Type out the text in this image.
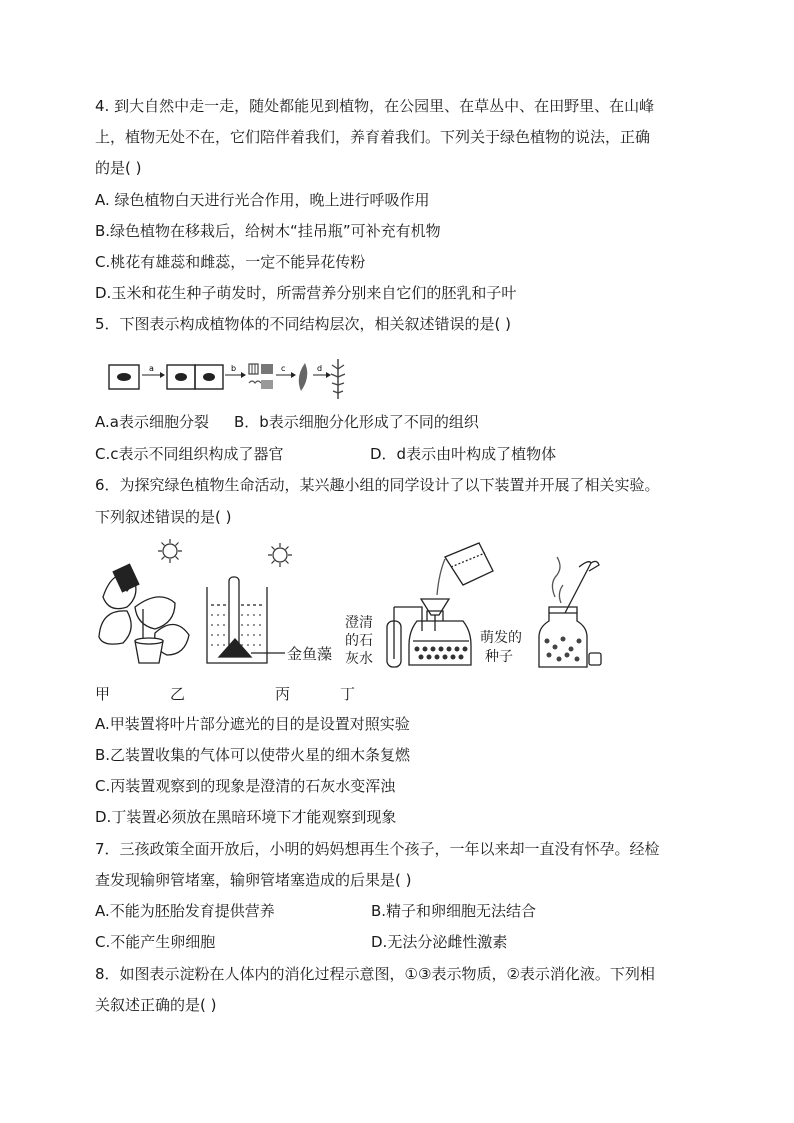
4. 到大自然中走一走，随处都能见到植物，在公园里、在草丛中、在田野里、在山峰
上，植物无处不在，它们陪伴着我们，养育着我们。下列关于绿色植物的说法，正确
的是( )
A. 绿色植物白天进行光合作用，晚上进行呼吸作用
B.绿色植物在移栽后，给树木“挂吊瓶”可补充有机物
C.桃花有雄蕊和雌蕊，一定不能异花传粉
D.玉米和花生种子萌发时，所需营养分别来自它们的胚乳和子叶
5．下图表示构成植物体的不同结构层次，相关叙述错误的是( )
a	b	c	d
A.a表示细胞分裂 B．b表示细胞分化形成了不同的组织
C.c表示不同组织构成了器官	D．d表示由叶构成了植物体
6．为探究绿色植物生命活动，某兴趣小组的同学设计了以下装置并开展了相关实验。
下列叙述错误的是( )
金鱼藻
澄清
的石
灰水
萌发的
种子
甲	乙	丙	丁
A.甲装置将叶片部分遮光的目的是设置对照实验
B.乙装置收集的气体可以使带火星的细木条复燃
C.丙装置观察到的现象是澄清的石灰水变浑浊
D.丁装置必须放在黑暗环境下才能观察到现象
7．三孩政策全面开放后，小明的妈妈想再生个孩子，一年以来却一直没有怀孕。经检
查发现输卵管堵塞，输卵管堵塞造成的后果是( )
A.不能为胚胎发育提供营养	B.精子和卵细胞无法结合
C.不能产生卵细胞	D.无法分泌雌性激素
8．如图表示淀粉在人体内的消化过程示意图，①③表示物质，②表示消化液。下列相
关叙述正确的是( )
